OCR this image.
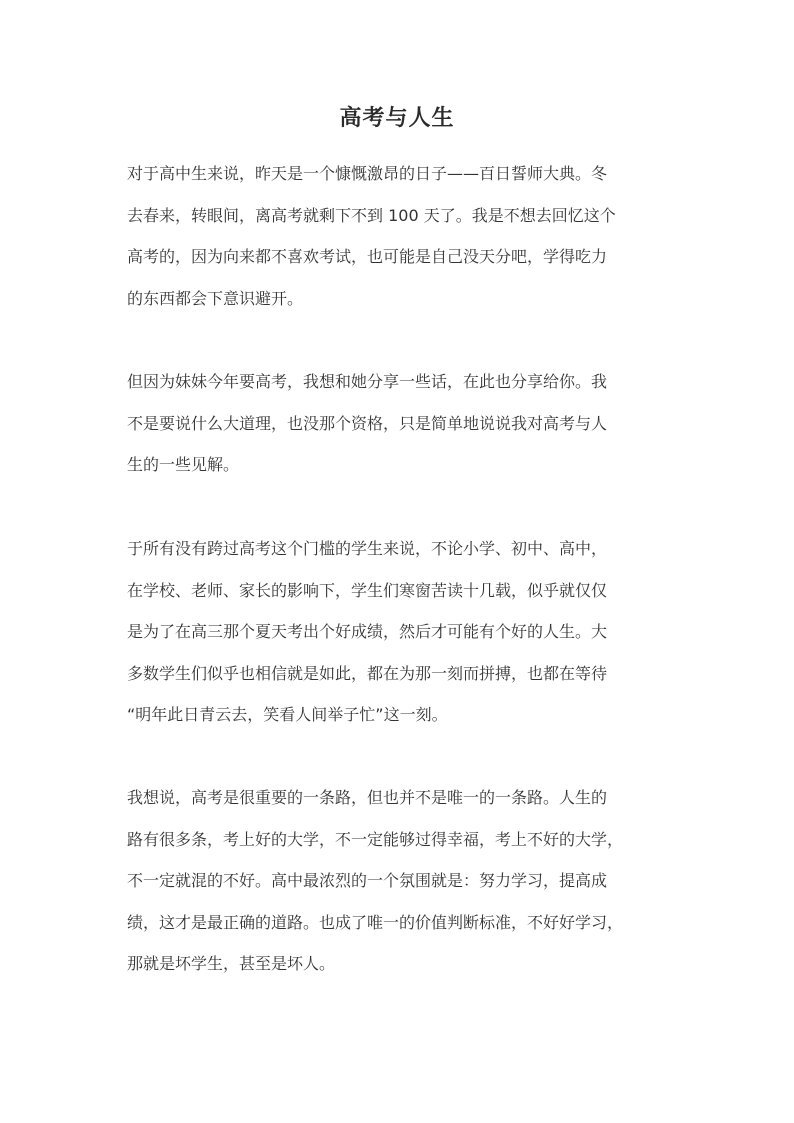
高考与人生
对于高中生来说，昨天是一个慷慨激昂的日子——百日誓师大典。冬
去春来，转眼间，离高考就剩下不到 100 天了。我是不想去回忆这个
高考的，因为向来都不喜欢考试，也可能是自己没天分吧，学得吃力
的东西都会下意识避开。
但因为妹妹今年要高考，我想和她分享一些话，在此也分享给你。我
不是要说什么大道理，也没那个资格，只是简单地说说我对高考与人
生的一些见解。
于所有没有跨过高考这个门槛的学生来说，不论小学、初中、高中，
在学校、老师、家长的影响下，学生们寒窗苦读十几载，似乎就仅仅
是为了在高三那个夏天考出个好成绩，然后才可能有个好的人生。大
多数学生们似乎也相信就是如此，都在为那一刻而拼搏，也都在等待
“明年此日青云去，笑看人间举子忙”这一刻。
我想说，高考是很重要的一条路，但也并不是唯一的一条路。人生的
路有很多条，考上好的大学，不一定能够过得幸福，考上不好的大学，
不一定就混的不好。高中最浓烈的一个氛围就是：努力学习，提高成
绩，这才是最正确的道路。也成了唯一的价值判断标准，不好好学习，
那就是坏学生，甚至是坏人。
